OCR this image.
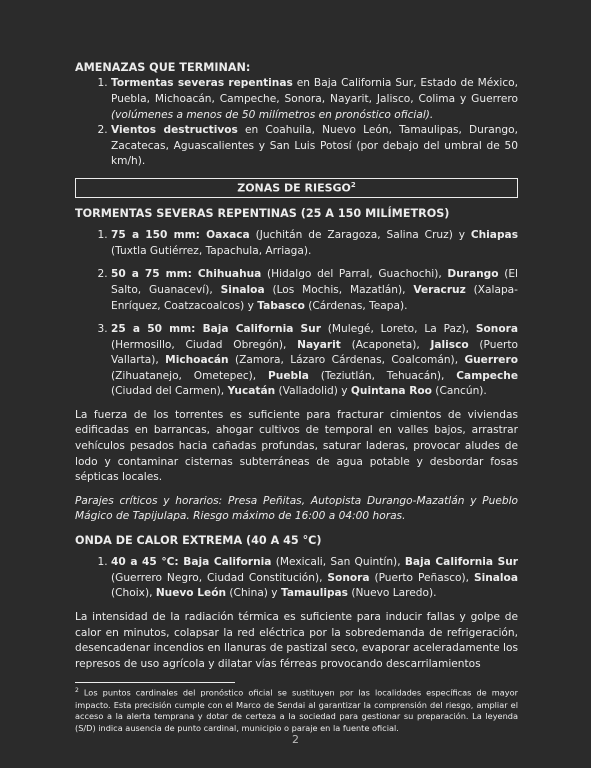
AMENAZAS QUE TERMINAN:
1. Tormentas severas repentinas en Baja California Sur, Estado de México, Puebla, Michoacán, Campeche, Sonora, Nayarit, Jalisco, Colima y Guerrero (volúmenes a menos de 50 milímetros en pronóstico oficial).
2. Vientos destructivos en Coahuila, Nuevo León, Tamaulipas, Durango, Zacatecas, Aguascalientes y San Luis Potosí (por debajo del umbral de 50 km/h).
ZONAS DE RIESGO$^2$
TORMENTAS SEVERAS REPENTINAS (25 A 150 MILÍMETROS)
1. 75 a 150 mm: Oaxaca (Juchitán de Zaragoza, Salina Cruz) y Chiapas (Tuxtla Gutiérrez, Tapachula, Arriaga).
2. 50 a 75 mm: Chihuahua (Hidalgo del Parral, Guachochi), Durango (El Salto, Guanaceví), Sinaloa (Los Mochis, Mazatlán), Veracruz (Xalapa-Enríquez, Coatzacoalcos) y Tabasco (Cárdenas, Teapa).
3. 25 a 50 mm: Baja California Sur (Mulegé, Loreto, La Paz), Sonora (Hermosillo, Ciudad Obregón), Nayarit (Acaponeta), Jalisco (Puerto Vallarta), Michoacán (Zamora, Lázaro Cárdenas, Coalcomán), Guerrero (Zihuatanejo, Ometepec), Puebla (Teziutlán, Tehuacán), Campeche (Ciudad del Carmen), Yucatán (Valladolid) y Quintana Roo (Cancún).

La fuerza de los torrentes es suficiente para fracturar cimientos de viviendas edificadas en barrancas, ahogar cultivos de temporal en valles bajos, arrastrar vehículos pesados hacia cañadas profundas, saturar laderas, provocar aludes de lodo y contaminar cisternas subterráneas de agua potable y desbordar fosas sépticas locales.

Parajes críticos y horarios: Presa Peñitas, Autopista Durango-Mazatlán y Pueblo Mágico de Tapijulapa. Riesgo máximo de 16:00 a 04:00 horas.

ONDA DE CALOR EXTREMA (40 A 45 °C)
1. 40 a 45 °C: Baja California (Mexicali, San Quintín), Baja California Sur (Guerrero Negro, Ciudad Constitución), Sonora (Puerto Peñasco), Sinaloa (Choix), Nuevo León (China) y Tamaulipas (Nuevo Laredo).

La intensidad de la radiación térmica es suficiente para inducir fallas y golpe de calor en minutos, colapsar la red eléctrica por la sobredemanda de refrigeración, desencadenar incendios en llanuras de pastizal seco, evaporar aceleradamente los represos de uso agrícola y dilatar vías férreas provocando descarrilamientos

$^2$ Los puntos cardinales del pronóstico oficial se sustituyen por las localidades específicas de mayor impacto. Esta precisión cumple con el Marco de Sendai al garantizar la comprensión del riesgo, ampliar el acceso a la alerta temprana y dotar de certeza a la sociedad para gestionar su preparación. La leyenda (S/D) indica ausencia de punto cardinal, municipio o paraje en la fuente oficial.
2
